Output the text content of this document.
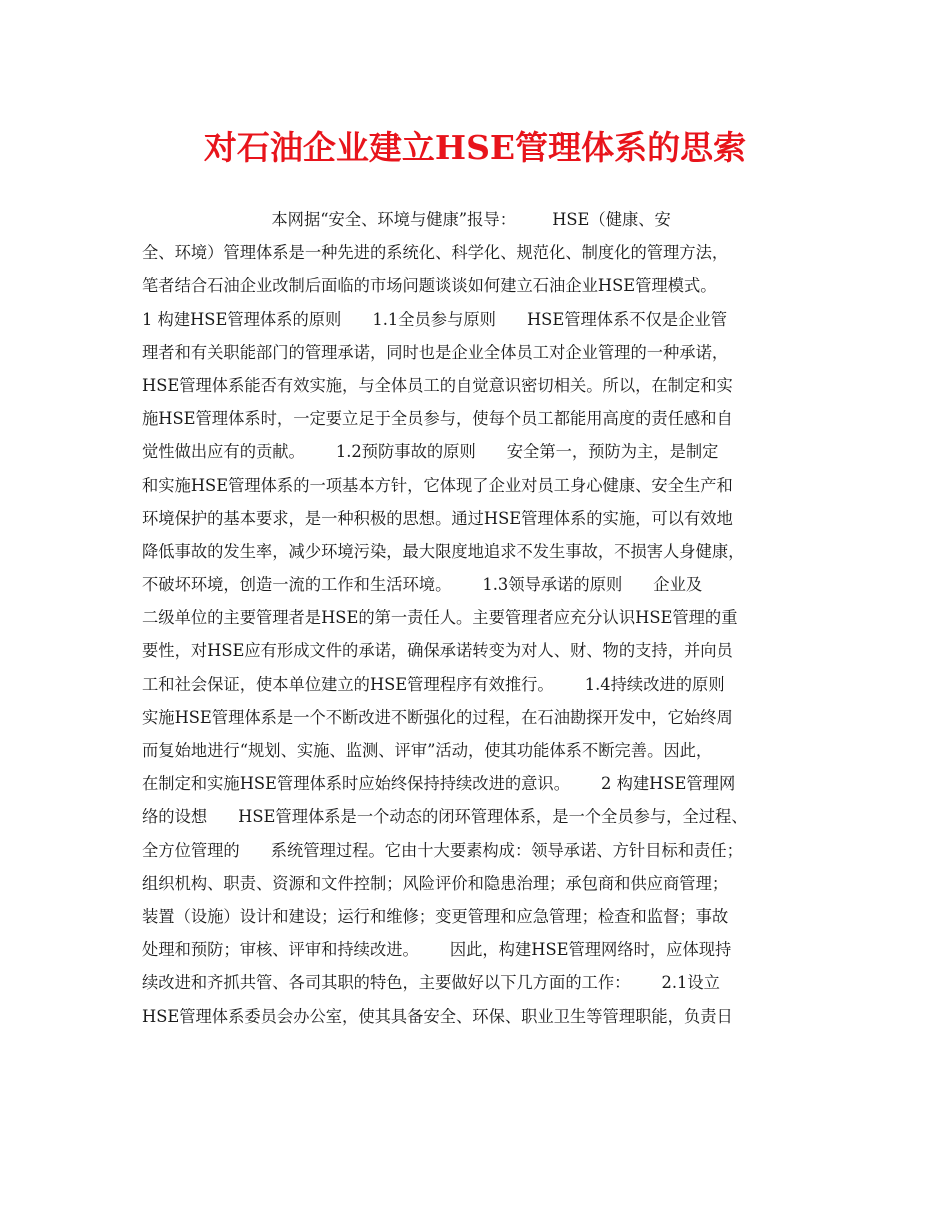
对石油企业建立HSE管理体系的思索
本网据“安全、环境与健康”报导：       HSE（健康、安
全、环境）管理体系是一种先进的系统化、科学化、规范化、制度化的管理方法，
笔者结合石油企业改制后面临的市场问题谈谈如何建立石油企业HSE管理模式。
1 构建HSE管理体系的原则      1.1全员参与原则      HSE管理体系不仅是企业管
理者和有关职能部门的管理承诺，同时也是企业全体员工对企业管理的一种承诺，
HSE管理体系能否有效实施，与全体员工的自觉意识密切相关。所以，在制定和实
施HSE管理体系时，一定要立足于全员参与，使每个员工都能用高度的责任感和自
觉性做出应有的贡献。      1.2预防事故的原则      安全第一，预防为主，是制定
和实施HSE管理体系的一项基本方针，它体现了企业对员工身心健康、安全生产和
环境保护的基本要求，是一种积极的思想。通过HSE管理体系的实施，可以有效地
降低事故的发生率，减少环境污染，最大限度地追求不发生事故，不损害人身健康，
不破坏环境，创造一流的工作和生活环境。      1.3领导承诺的原则      企业及
二级单位的主要管理者是HSE的第一责任人。主要管理者应充分认识HSE管理的重
要性，对HSE应有形成文件的承诺，确保承诺转变为对人、财、物的支持，并向员
工和社会保证，使本单位建立的HSE管理程序有效推行。      1.4持续改进的原则
实施HSE管理体系是一个不断改进不断强化的过程，在石油勘探开发中，它始终周
而复始地进行“规划、实施、监测、评审”活动，使其功能体系不断完善。因此，
在制定和实施HSE管理体系时应始终保持持续改进的意识。      2 构建HSE管理网
络的设想      HSE管理体系是一个动态的闭环管理体系，是一个全员参与，全过程、
全方位管理的      系统管理过程。它由十大要素构成：领导承诺、方针目标和责任；
组织机构、职责、资源和文件控制；风险评价和隐患治理；承包商和供应商管理；
装置（设施）设计和建设；运行和维修；变更管理和应急管理；检查和监督；事故
处理和预防；审核、评审和持续改进。      因此，构建HSE管理网络时，应体现持
续改进和齐抓共管、各司其职的特色，主要做好以下几方面的工作：      2.1设立
HSE管理体系委员会办公室，使其具备安全、环保、职业卫生等管理职能，负责日
